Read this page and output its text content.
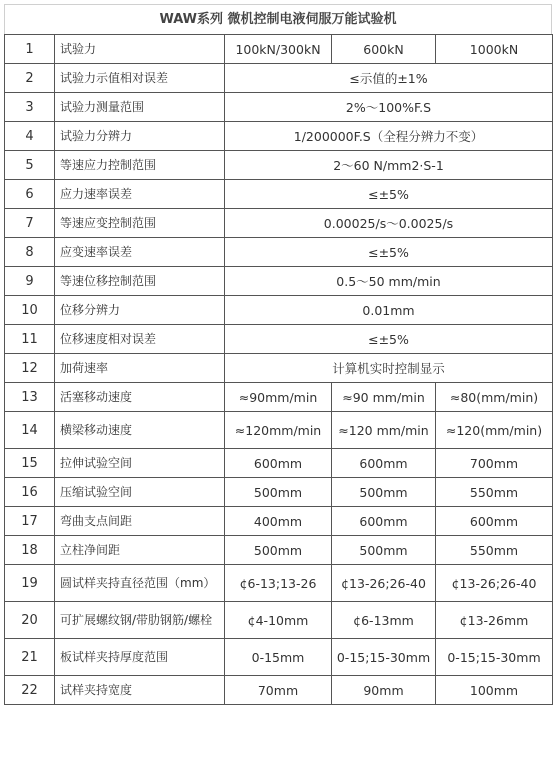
WAW系列 微机控制电液伺服万能试验机
1	试验力	100kN/300kN	600kN	1000kN
2	试验力示值相对误差	≤示值的±1%		
3	试验力测量范围	2%～100%F.S		
4	试验力分辨力	1/200000F.S（全程分辨力不变）		
5	等速应力控制范围	2～60 N/mm2·S-1		
6	应力速率误差	≤±5%		
7	等速应变控制范围	0.00025/s～0.0025/s		
8	应变速率误差	≤±5%		
9	等速位移控制范围	0.5～50 mm/min		
10	位移分辨力	0.01mm		
11	位移速度相对误差	≤±5%		
12	加荷速率	计算机实时控制显示		
13	活塞移动速度	≈90mm/min	≈90 mm/min	≈80(mm/min)
14	横梁移动速度	≈120mm/min	≈120 mm/min	≈120(mm/min)
15	拉伸试验空间	600mm	600mm	700mm
16	压缩试验空间	500mm	500mm	550mm
17	弯曲支点间距	400mm	600mm	600mm
18	立柱净间距	500mm	500mm	550mm
19	圆试样夹持直径范围（mm）	¢6-13;13-26	¢13-26;26-40	¢13-26;26-40
20	可扩展螺纹钢/带肋钢筋/螺栓	¢4-10mm	¢6-13mm	¢13-26mm
21	板试样夹持厚度范围	0-15mm	0-15;15-30mm	0-15;15-30mm
22	试样夹持宽度	70mm	90mm	100mm
